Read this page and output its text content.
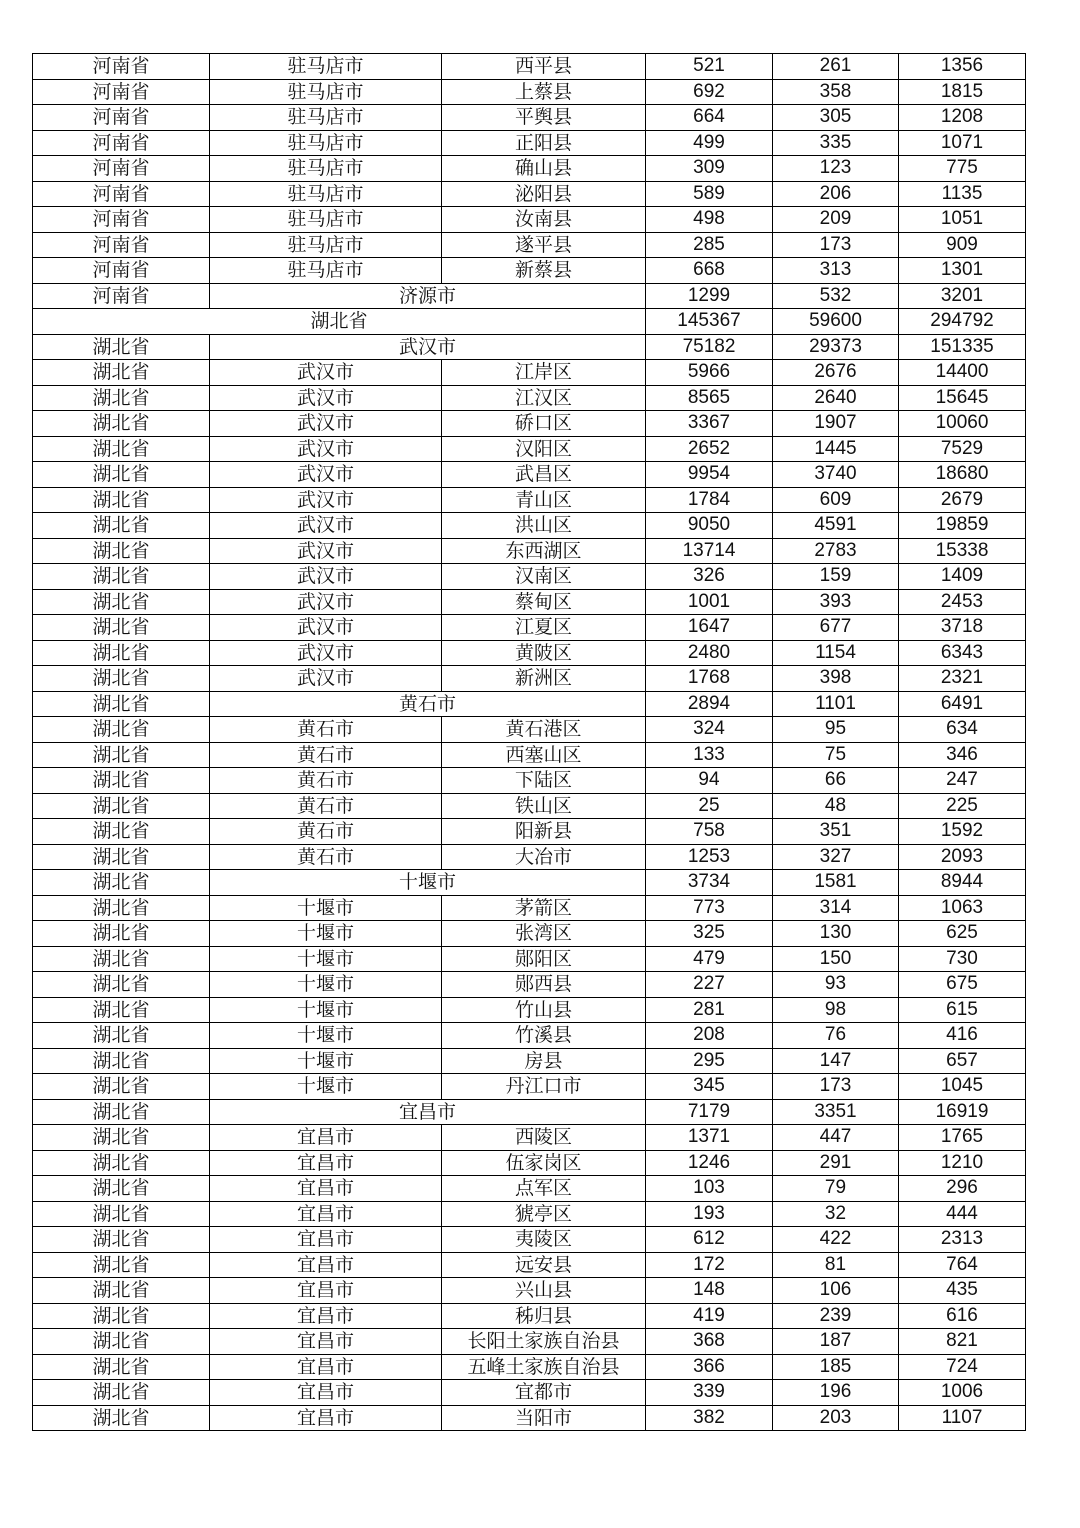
河南省	驻马店市	西平县	521	261	1356
河南省	驻马店市	上蔡县	692	358	1815
河南省	驻马店市	平舆县	664	305	1208
河南省	驻马店市	正阳县	499	335	1071
河南省	驻马店市	确山县	309	123	775
河南省	驻马店市	泌阳县	589	206	1135
河南省	驻马店市	汝南县	498	209	1051
河南省	驻马店市	遂平县	285	173	909
河南省	驻马店市	新蔡县	668	313	1301
河南省	济源市		1299	532	3201
湖北省			145367	59600	294792
湖北省	武汉市		75182	29373	151335
湖北省	武汉市	江岸区	5966	2676	14400
湖北省	武汉市	江汉区	8565	2640	15645
湖北省	武汉市	硚口区	3367	1907	10060
湖北省	武汉市	汉阳区	2652	1445	7529
湖北省	武汉市	武昌区	9954	3740	18680
湖北省	武汉市	青山区	1784	609	2679
湖北省	武汉市	洪山区	9050	4591	19859
湖北省	武汉市	东西湖区	13714	2783	15338
湖北省	武汉市	汉南区	326	159	1409
湖北省	武汉市	蔡甸区	1001	393	2453
湖北省	武汉市	江夏区	1647	677	3718
湖北省	武汉市	黄陂区	2480	1154	6343
湖北省	武汉市	新洲区	1768	398	2321
湖北省	黄石市		2894	1101	6491
湖北省	黄石市	黄石港区	324	95	634
湖北省	黄石市	西塞山区	133	75	346
湖北省	黄石市	下陆区	94	66	247
湖北省	黄石市	铁山区	25	48	225
湖北省	黄石市	阳新县	758	351	1592
湖北省	黄石市	大冶市	1253	327	2093
湖北省	十堰市		3734	1581	8944
湖北省	十堰市	茅箭区	773	314	1063
湖北省	十堰市	张湾区	325	130	625
湖北省	十堰市	郧阳区	479	150	730
湖北省	十堰市	郧西县	227	93	675
湖北省	十堰市	竹山县	281	98	615
湖北省	十堰市	竹溪县	208	76	416
湖北省	十堰市	房县	295	147	657
湖北省	十堰市	丹江口市	345	173	1045
湖北省	宜昌市		7179	3351	16919
湖北省	宜昌市	西陵区	1371	447	1765
湖北省	宜昌市	伍家岗区	1246	291	1210
湖北省	宜昌市	点军区	103	79	296
湖北省	宜昌市	猇亭区	193	32	444
湖北省	宜昌市	夷陵区	612	422	2313
湖北省	宜昌市	远安县	172	81	764
湖北省	宜昌市	兴山县	148	106	435
湖北省	宜昌市	秭归县	419	239	616
湖北省	宜昌市	长阳土家族自治县	368	187	821
湖北省	宜昌市	五峰土家族自治县	366	185	724
湖北省	宜昌市	宜都市	339	196	1006
湖北省	宜昌市	当阳市	382	203	1107
